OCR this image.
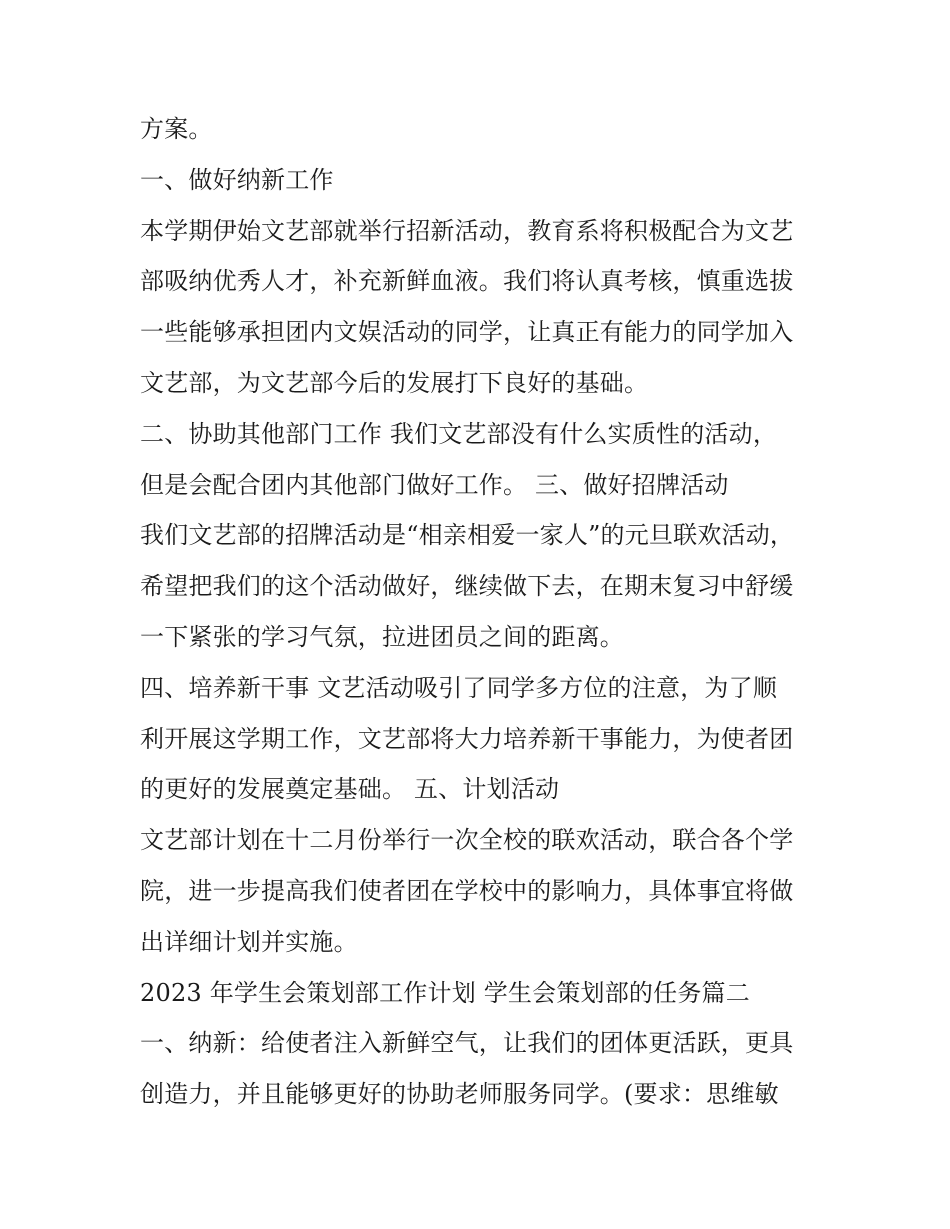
方案。
一、做好纳新工作
本学期伊始文艺部就举行招新活动，教育系将积极配合为文艺
部吸纳优秀人才，补充新鲜血液。我们将认真考核，慎重选拔
一些能够承担团内文娱活动的同学，让真正有能力的同学加入
文艺部，为文艺部今后的发展打下良好的基础。
二、协助其他部门工作 我们文艺部没有什么实质性的活动，
但是会配合团内其他部门做好工作。 三、做好招牌活动
我们文艺部的招牌活动是“相亲相爱一家人”的元旦联欢活动，
希望把我们的这个活动做好，继续做下去，在期末复习中舒缓
一下紧张的学习气氛，拉进团员之间的距离。
四、培养新干事 文艺活动吸引了同学多方位的注意，为了顺
利开展这学期工作，文艺部将大力培养新干事能力，为使者团
的更好的发展奠定基础。 五、计划活动
文艺部计划在十二月份举行一次全校的联欢活动，联合各个学
院，进一步提高我们使者团在学校中的影响力，具体事宜将做
出详细计划并实施。
2023 年学生会策划部工作计划 学生会策划部的任务篇二
一、纳新：给使者注入新鲜空气，让我们的团体更活跃，更具
创造力，并且能够更好的协助老师服务同学。(要求：思维敏
